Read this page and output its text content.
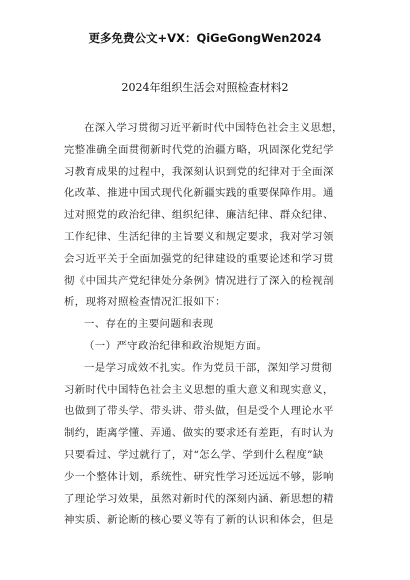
更多免费公文+VX：QiGeGongWen2024
2024年组织生活会对照检查材料2
在深入学习贯彻习近平新时代中国特色社会主义思想，
完整准确全面贯彻新时代党的治疆方略，巩固深化党纪学
习教育成果的过程中，我深刻认识到党的纪律对于全面深
化改革、推进中国式现代化新疆实践的重要保障作用。通
过对照党的政治纪律、组织纪律、廉洁纪律、群众纪律、
工作纪律、生活纪律的主旨要义和规定要求，我对学习领
会习近平关于全面加强党的纪律建设的重要论述和学习贯
彻《中国共产党纪律处分条例》情况进行了深入的检视剖
析，现将对照检查情况汇报如下：
一、存在的主要问题和表现
（一）严守政治纪律和政治规矩方面。
一是学习成效不扎实。作为党员干部，深知学习贯彻
习新时代中国特色社会主义思想的重大意义和现实意义，
也做到了带头学、带头讲、带头做，但是受个人理论水平
制约，距离学懂、弄通、做实的要求还有差距，有时认为
只要看过、学过就行了，对“怎么学、学到什么程度”缺
少一个整体计划，系统性、研究性学习还远远不够，影响
了理论学习效果，虽然对新时代的深刻内涵、新思想的精
神实质、新论断的核心要义等有了新的认识和体会，但是
